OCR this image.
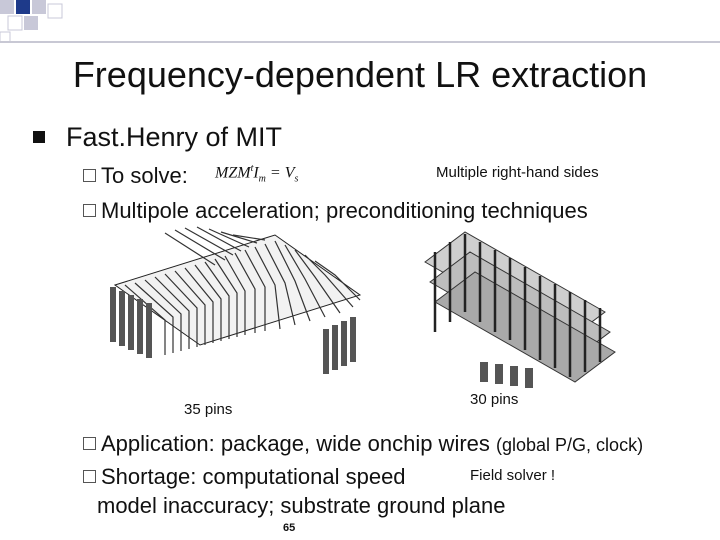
Frequency-dependent LR extraction
Fast.Henry of MIT
To solve: $MZM^tI_m = V_s$	Multiple right-hand sides
Multipole acceleration; preconditioning techniques
35 pins
30 pins
Application: package, wide onchip wires (global P/G, clock)
Shortage: computational speed	Field solver !
model inaccuracy; substrate ground plane
65
